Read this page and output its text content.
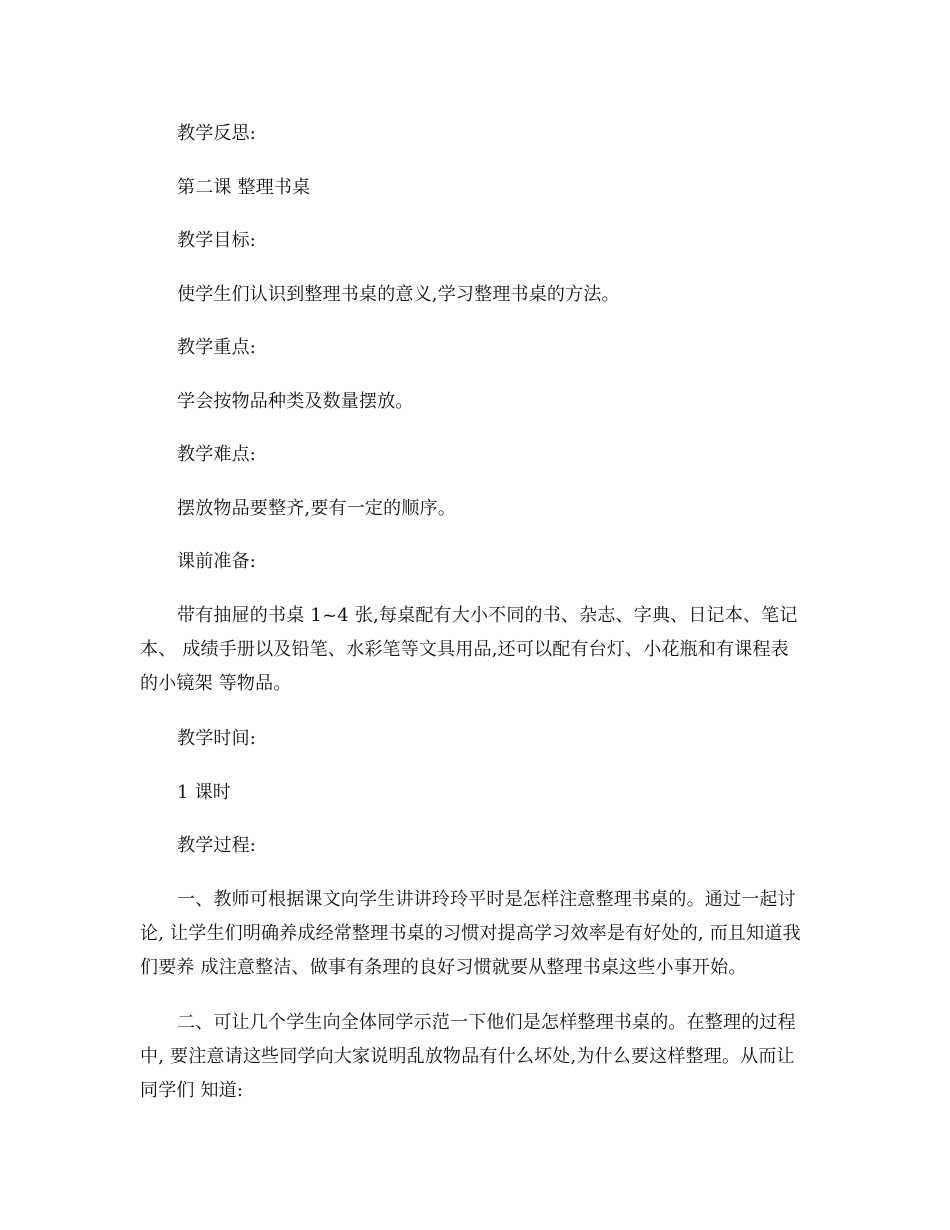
教学反思:
第二课 整理书桌
教学目标:
使学生们认识到整理书桌的意义,学习整理书桌的方法。
教学重点:
学会按物品种类及数量摆放。
教学难点:
摆放物品要整齐,要有一定的顺序。
课前准备:
带有抽屉的书桌 1~4 张,每桌配有大小不同的书、杂志、字典、日记本、笔记
本、 成绩手册以及铅笔、水彩笔等文具用品,还可以配有台灯、小花瓶和有课程表
的小镜架 等物品。
教学时间:
1 课时
教学过程:
一、教师可根据课文向学生讲讲玲玲平时是怎样注意整理书桌的。通过一起讨
论, 让学生们明确养成经常整理书桌的习惯对提高学习效率是有好处的, 而且知道我
们要养 成注意整洁、做事有条理的良好习惯就要从整理书桌这些小事开始。
二、可让几个学生向全体同学示范一下他们是怎样整理书桌的。在整理的过程
中, 要注意请这些同学向大家说明乱放物品有什么坏处,为什么要这样整理。从而让
同学们 知道:
